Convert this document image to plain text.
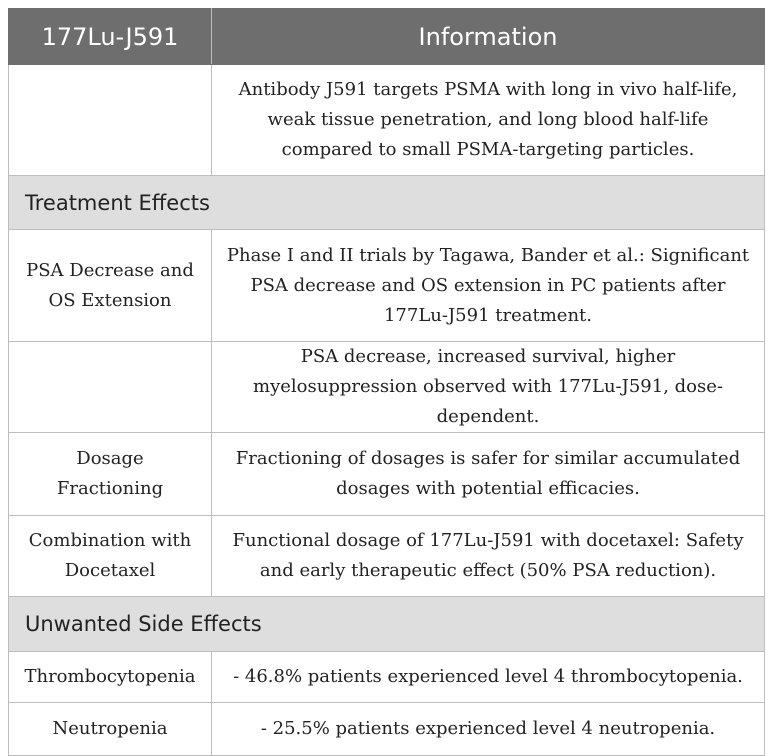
177Lu-J591	Information
	Antibody J591 targets PSMA with long in vivo half-life, weak tissue penetration, and long blood half-life compared to small PSMA-targeting particles.
Treatment Effects	
PSA Decrease and OS Extension	Phase I and II trials by Tagawa, Bander et al.: Significant PSA decrease and OS extension in PC patients after 177Lu-J591 treatment.
	PSA decrease, increased survival, higher myelosuppression observed with 177Lu-J591, dose-dependent.
Dosage Fractioning	Fractioning of dosages is safer for similar accumulated dosages with potential efficacies.
Combination with Docetaxel	Functional dosage of 177Lu-J591 with docetaxel: Safety and early therapeutic effect (50% PSA reduction).
Unwanted Side Effects	
Thrombocytopenia	- 46.8% patients experienced level 4 thrombocytopenia.
Neutropenia	- 25.5% patients experienced level 4 neutropenia.
